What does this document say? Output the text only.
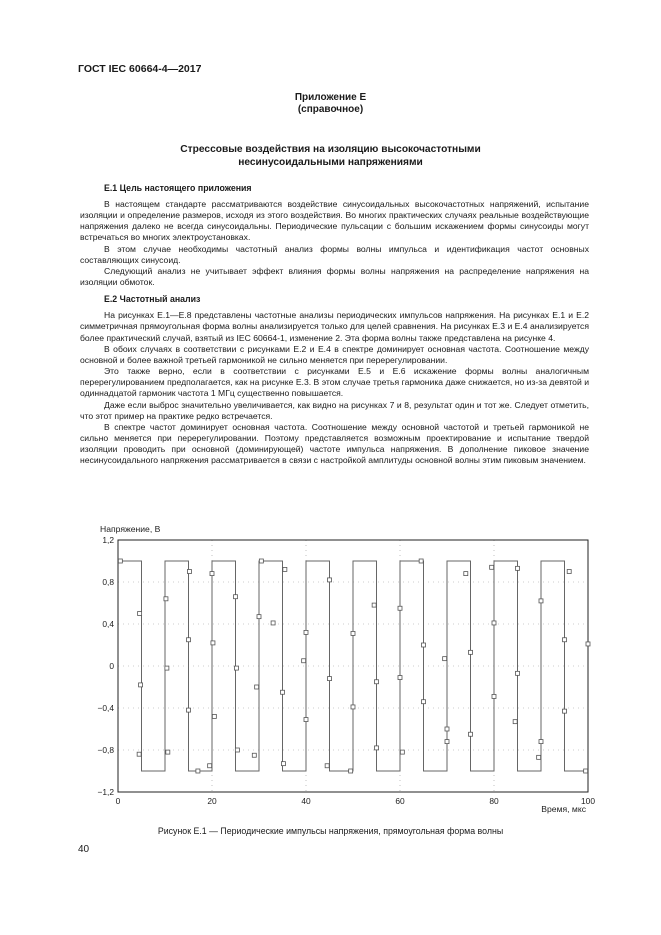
ГОСТ IEC 60664-4—2017
Приложение Е
(справочное)
Стрессовые воздействия на изоляцию высокочастотными
несинусоидальными напряжениями
Е.1 Цель настоящего приложения

В настоящем стандарте рассматриваются воздействие синусоидальных высокочастотных напряжений, испытание изоляции и определение размеров, исходя из этого воздействия. Во многих практических случаях реальные воздействующие напряжения далеко не всегда синусоидальны. Периодические пульсации с большим искажением формы синусоиды могут встречаться во многих электроустановках.

В этом случае необходимы частотный анализ формы волны импульса и идентификация частот основных составляющих синусоид.

Следующий анализ не учитывает эффект влияния формы волны напряжения на распределение напряжения на изоляции обмоток.

Е.2 Частотный анализ

На рисунках Е.1—Е.8 представлены частотные анализы периодических импульсов напряжения. На рисунках Е.1 и Е.2 симметричная прямоугольная форма волны анализируется только для целей сравнения. На рисунках Е.3 и Е.4 анализируется более практический случай, взятый из IEC 60664-1, изменение 2. Эта форма волны также представлена на рисунке 4.

В обоих случаях в соответствии с рисунками Е.2 и Е.4 в спектре доминирует основная частота. Соотношение между основной и более важной третьей гармоникой не сильно меняется при перерегулировании.

Это также верно, если в соответствии с рисунками Е.5 и Е.6 искажение формы волны аналогичным перерегулированием предполагается, как на рисунке Е.3. В этом случае третья гармоника даже снижается, но из-за девятой и одиннадцатой гармоник частота 1 МГц существенно повышается.

Даже если выброс значительно увеличивается, как видно на рисунках 7 и 8, результат один и тот же. Следует отметить, что этот пример на практике редко встречается.

В спектре частот доминирует основная частота. Соотношение между основной частотой и третьей гармоникой не сильно меняется при перерегулировании. Поэтому представляется возможным проектирование и испытание твердой изоляции проводить при основной (доминирующей) частоте импульса напряжения. В дополнение пиковое значение несинусоидального напряжения рассматривается в связи с настройкой амплитуды основной волны этим пиковым значением.

Напряжение, В
Время, мкс
−1,2
−0,8
−0,4
0
0,4
0,8
1,2
0	20	40	60	80	100
Рисунок Е.1 — Периодические импульсы напряжения, прямоугольная форма волны
40
